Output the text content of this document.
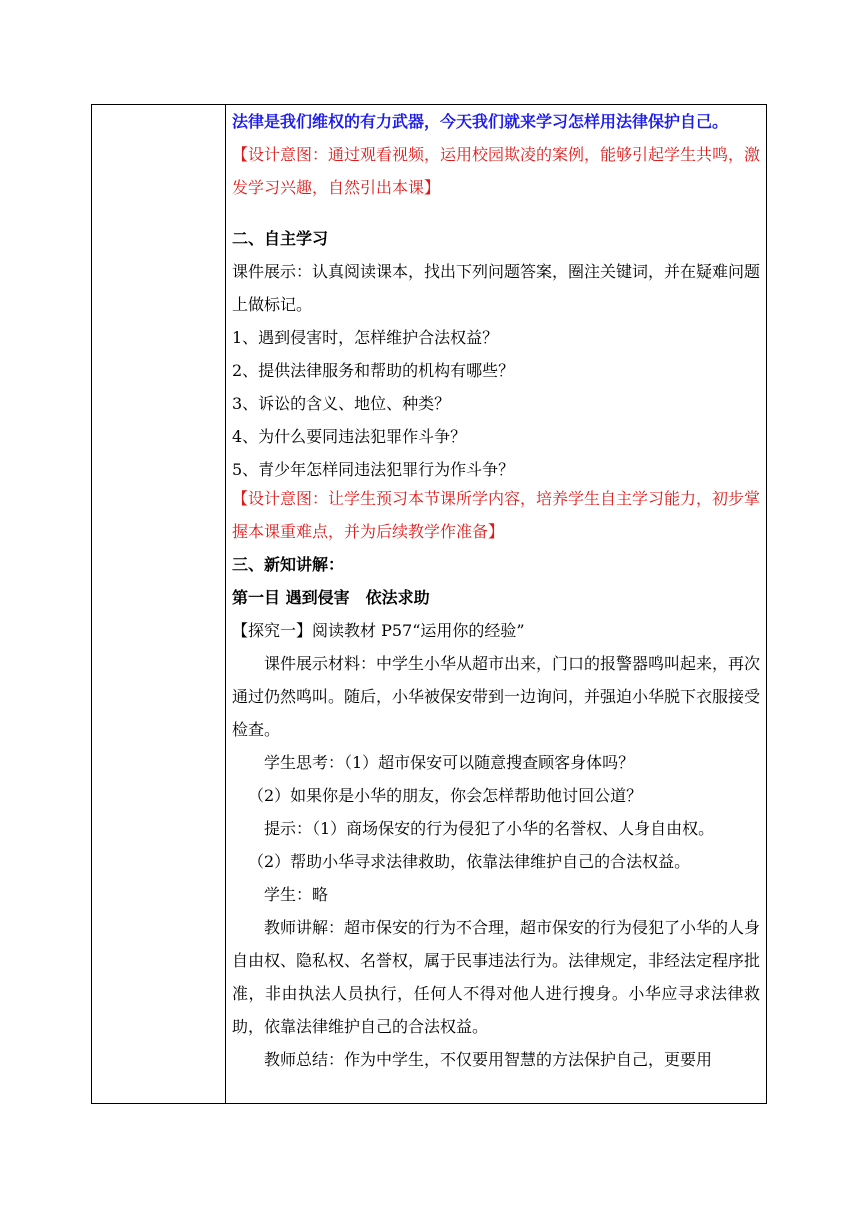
法律是我们维权的有力武器，今天我们就来学习怎样用法律保护自己。

【设计意图：通过观看视频，运用校园欺凌的案例，能够引起学生共鸣，激发学习兴趣，自然引出本课】

二、自主学习

课件展示：认真阅读课本，找出下列问题答案，圈注关键词，并在疑难问题上做标记。

1、遇到侵害时，怎样维护合法权益？

2、提供法律服务和帮助的机构有哪些？

3、诉讼的含义、地位、种类？

4、为什么要同违法犯罪作斗争？

5、青少年怎样同违法犯罪行为作斗争？

【设计意图：让学生预习本节课所学内容，培养学生自主学习能力，初步掌握本课重难点，并为后续教学作准备】

三、新知讲解：

第一目 遇到侵害　依法求助

【探究一】阅读教材 P57“运用你的经验”

课件展示材料：中学生小华从超市出来，门口的报警器鸣叫起来，再次通过仍然鸣叫。随后，小华被保安带到一边询问，并强迫小华脱下衣服接受检查。

学生思考：（1）超市保安可以随意搜查顾客身体吗？

（2）如果你是小华的朋友，你会怎样帮助他讨回公道？

提示：（1）商场保安的行为侵犯了小华的名誉权、人身自由权。

（2）帮助小华寻求法律救助，依靠法律维护自己的合法权益。

学生：略

教师讲解：超市保安的行为不合理，超市保安的行为侵犯了小华的人身自由权、隐私权、名誉权，属于民事违法行为。法律规定，非经法定程序批准，非由执法人员执行，任何人不得对他人进行搜身。小华应寻求法律救助，依靠法律维护自己的合法权益。

教师总结：作为中学生，不仅要用智慧的方法保护自己，更要用
